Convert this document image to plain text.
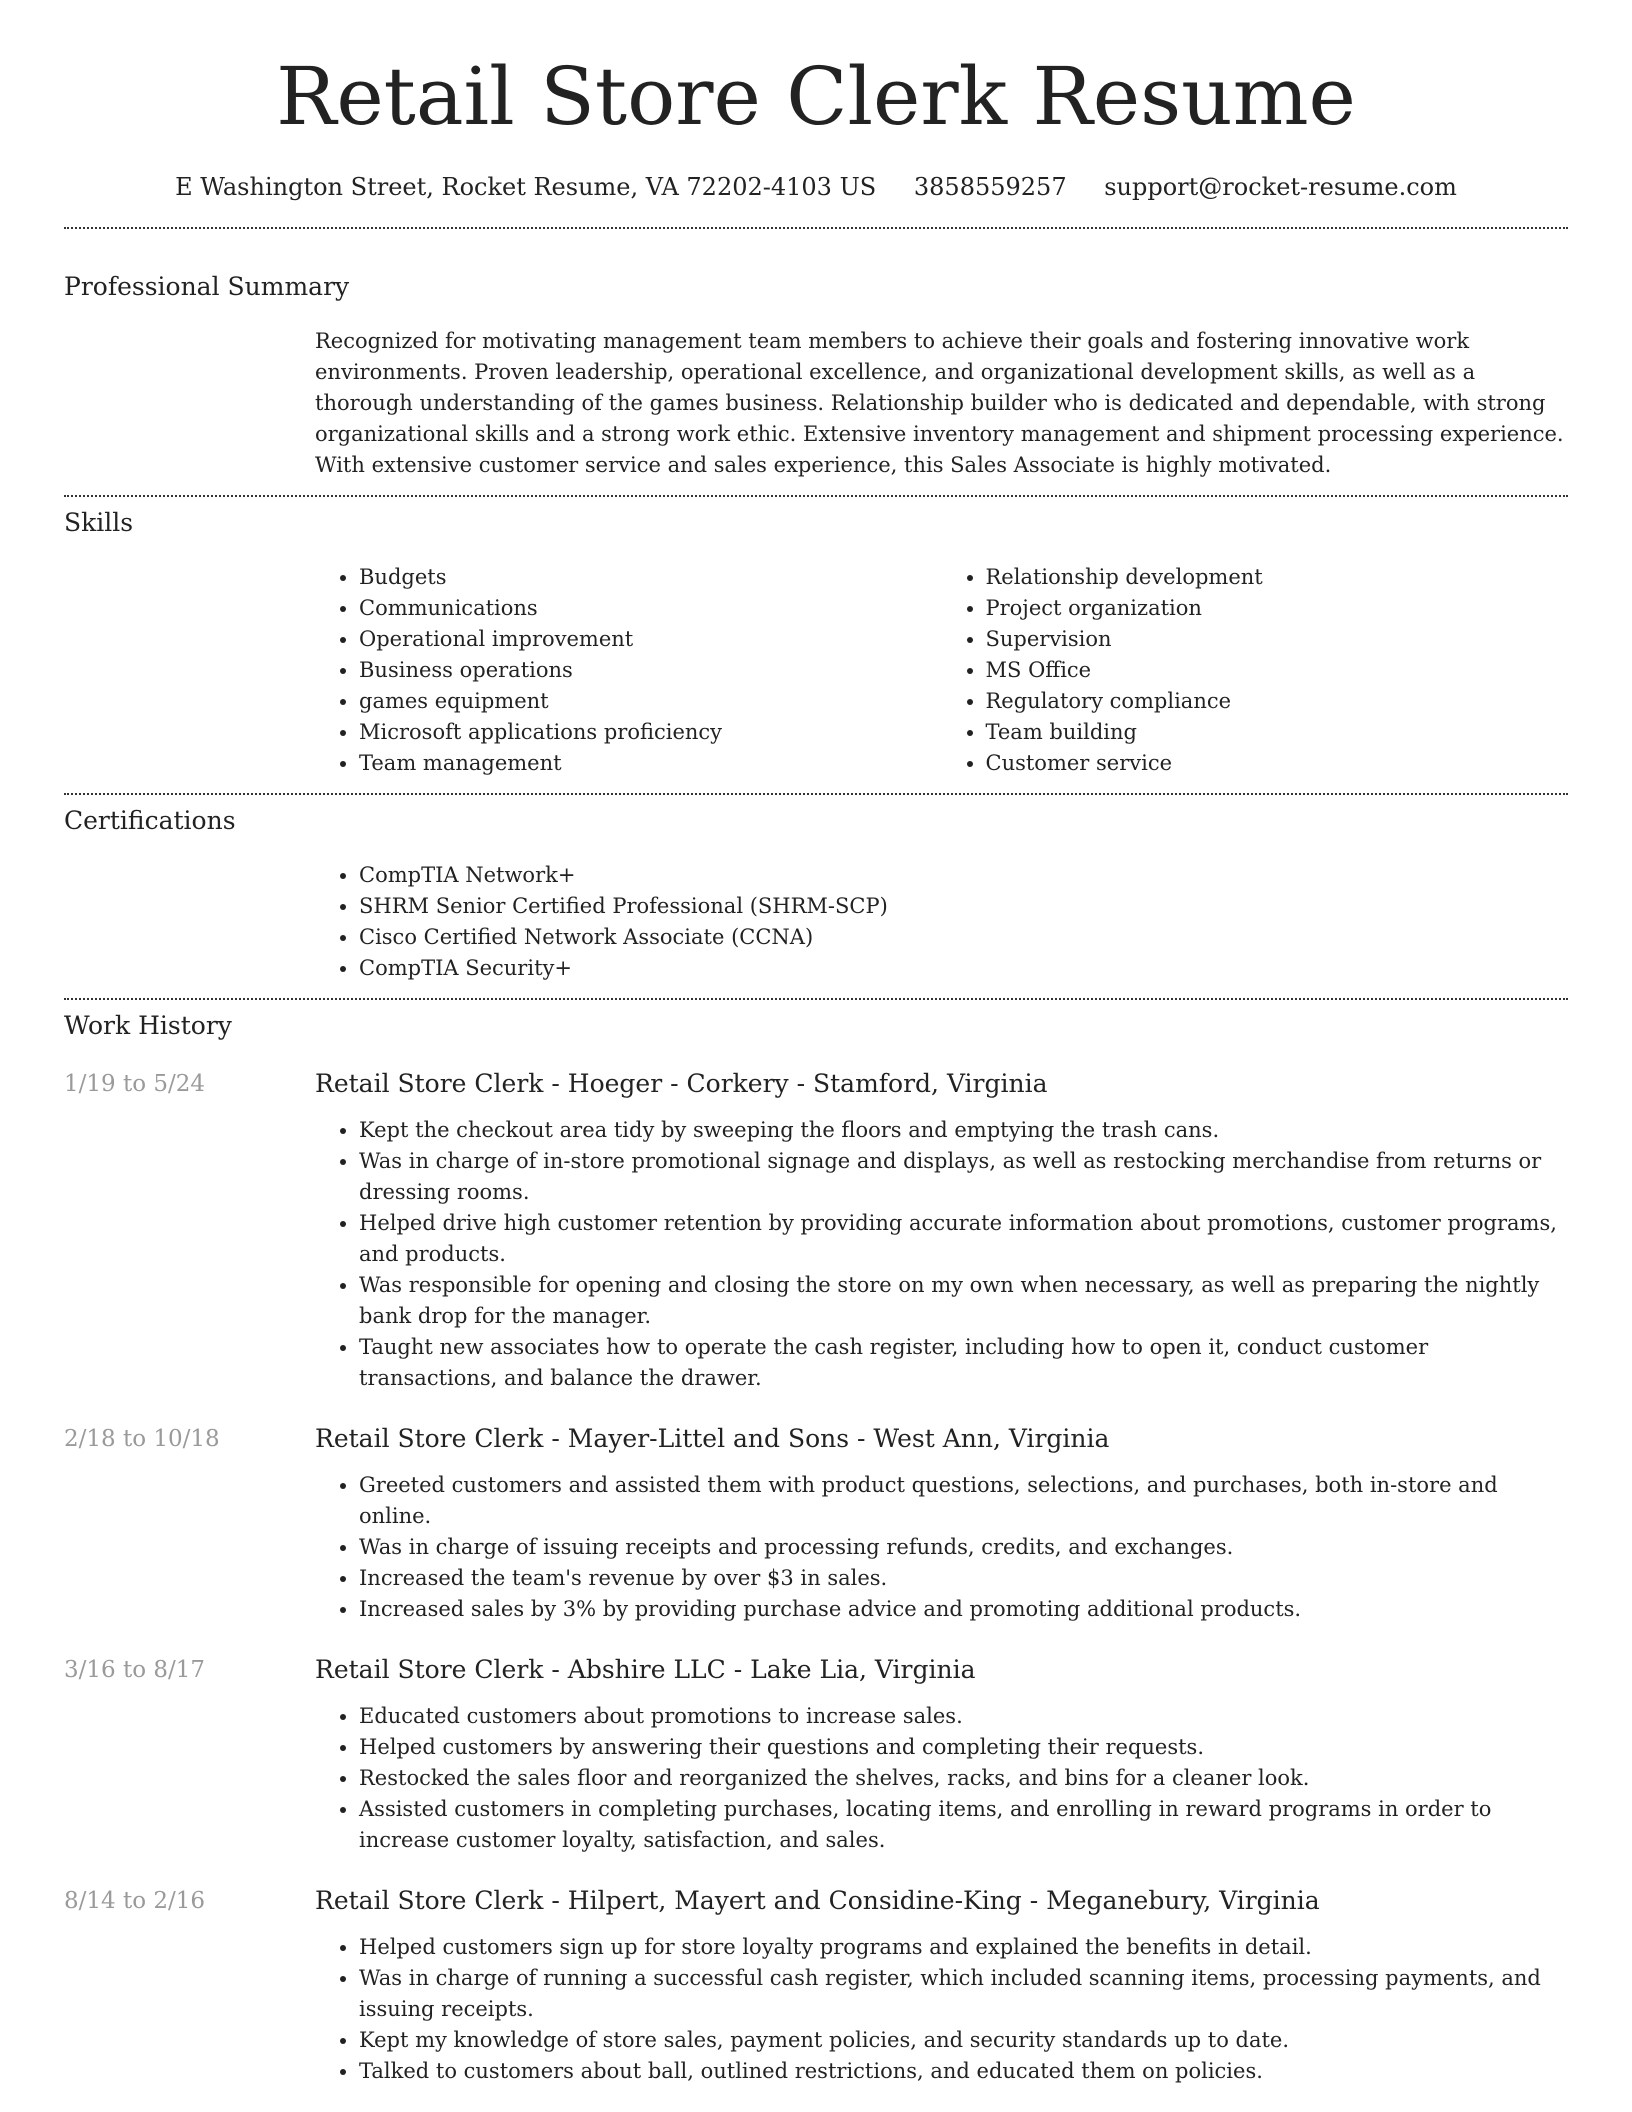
Retail Store Clerk Resume
E Washington Street, Rocket Resume, VA 72202-4103 US 3858559257 support@rocket-resume.com
Professional Summary
Recognized for motivating management team members to achieve their goals and fostering innovative work environments. Proven leadership, operational excellence, and organizational development skills, as well as a thorough understanding of the games business. Relationship builder who is dedicated and dependable, with strong organizational skills and a strong work ethic. Extensive inventory management and shipment processing experience. With extensive customer service and sales experience, this Sales Associate is highly motivated.
Skills
• Budgets
• Communications
• Operational improvement
• Business operations
• games equipment
• Microsoft applications proficiency
• Team management
• Relationship development
• Project organization
• Supervision
• MS Office
• Regulatory compliance
• Team building
• Customer service
Certifications
• CompTIA Network+
• SHRM Senior Certified Professional (SHRM-SCP)
• Cisco Certified Network Associate (CCNA)
• CompTIA Security+
Work History
1/19 to 5/24	Retail Store Clerk - Hoeger - Corkery - Stamford, Virginia
• Kept the checkout area tidy by sweeping the floors and emptying the trash cans.
• Was in charge of in-store promotional signage and displays, as well as restocking merchandise from returns or dressing rooms.
• Helped drive high customer retention by providing accurate information about promotions, customer programs, and products.
• Was responsible for opening and closing the store on my own when necessary, as well as preparing the nightly bank drop for the manager.
• Taught new associates how to operate the cash register, including how to open it, conduct customer transactions, and balance the drawer.
2/18 to 10/18	Retail Store Clerk - Mayer-Littel and Sons - West Ann, Virginia
• Greeted customers and assisted them with product questions, selections, and purchases, both in-store and online.
• Was in charge of issuing receipts and processing refunds, credits, and exchanges.
• Increased the team's revenue by over $3 in sales.
• Increased sales by 3% by providing purchase advice and promoting additional products.
3/16 to 8/17	Retail Store Clerk - Abshire LLC - Lake Lia, Virginia
• Educated customers about promotions to increase sales.
• Helped customers by answering their questions and completing their requests.
• Restocked the sales floor and reorganized the shelves, racks, and bins for a cleaner look.
• Assisted customers in completing purchases, locating items, and enrolling in reward programs in order to increase customer loyalty, satisfaction, and sales.
8/14 to 2/16	Retail Store Clerk - Hilpert, Mayert and Considine-King - Meganebury, Virginia
• Helped customers sign up for store loyalty programs and explained the benefits in detail.
• Was in charge of running a successful cash register, which included scanning items, processing payments, and issuing receipts.
• Kept my knowledge of store sales, payment policies, and security standards up to date.
• Talked to customers about ball, outlined restrictions, and educated them on policies.
